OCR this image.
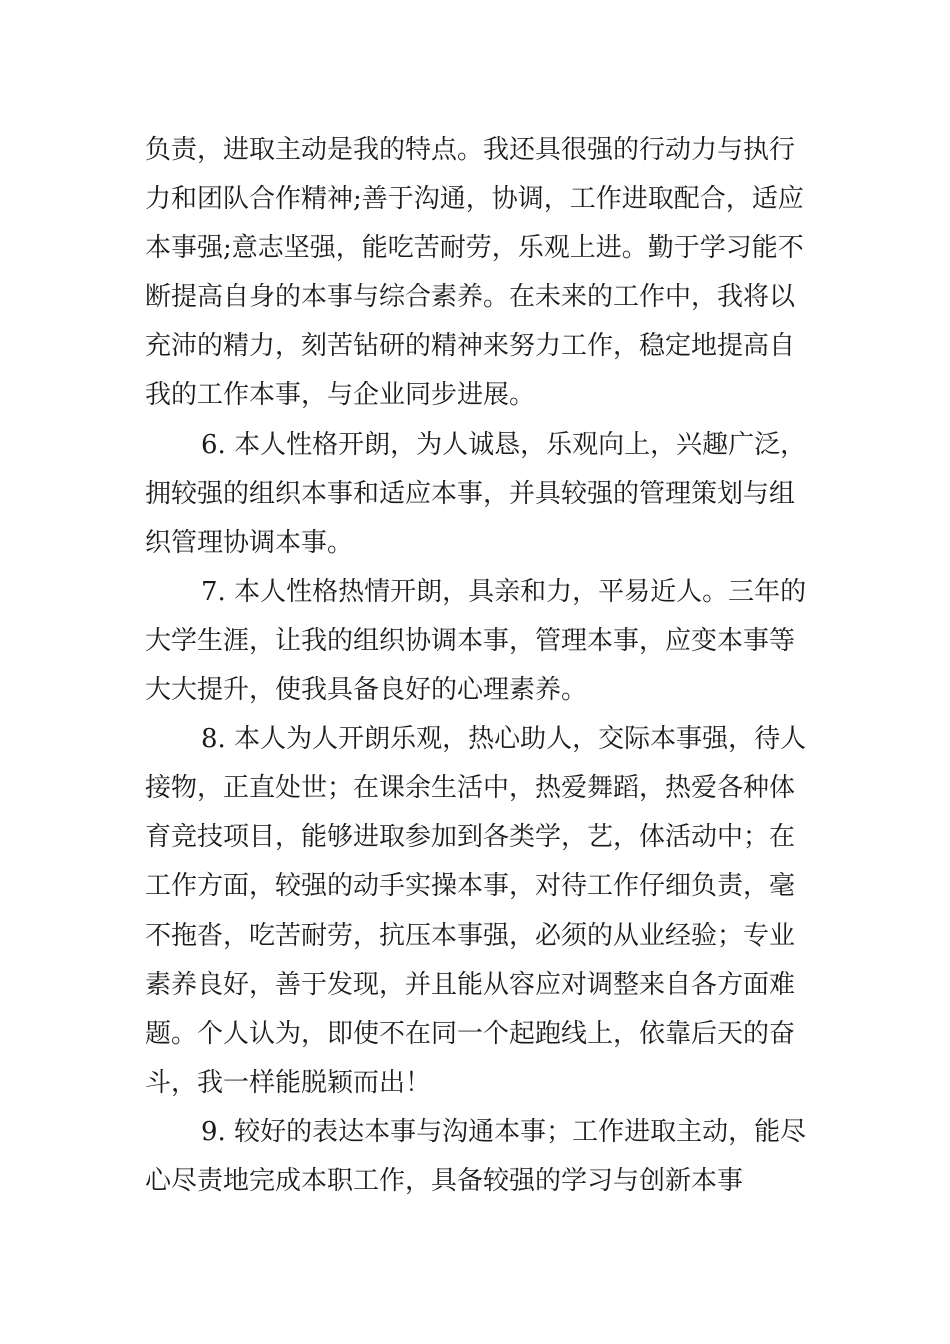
负责，进取主动是我的特点。我还具很强的行动力与执行
力和团队合作精神;善于沟通，协调，工作进取配合，适应
本事强;意志坚强，能吃苦耐劳，乐观上进。勤于学习能不
断提高自身的本事与综合素养。在未来的工作中，我将以
充沛的精力，刻苦钻研的精神来努力工作，稳定地提高自
我的工作本事，与企业同步进展。
6. 本人性格开朗，为人诚恳，乐观向上，兴趣广泛，
拥较强的组织本事和适应本事，并具较强的管理策划与组
织管理协调本事。
7. 本人性格热情开朗，具亲和力，平易近人。三年的
大学生涯，让我的组织协调本事，管理本事，应变本事等
大大提升，使我具备良好的心理素养。
8. 本人为人开朗乐观，热心助人，交际本事强，待人
接物，正直处世；在课余生活中，热爱舞蹈，热爱各种体
育竞技项目，能够进取参加到各类学，艺，体活动中；在
工作方面，较强的动手实操本事，对待工作仔细负责，毫
不拖沓，吃苦耐劳，抗压本事强，必须的从业经验；专业
素养良好，善于发现，并且能从容应对调整来自各方面难
题。个人认为，即使不在同一个起跑线上，依靠后天的奋
斗，我一样能脱颖而出！
9. 较好的表达本事与沟通本事；工作进取主动，能尽
心尽责地完成本职工作，具备较强的学习与创新本事
